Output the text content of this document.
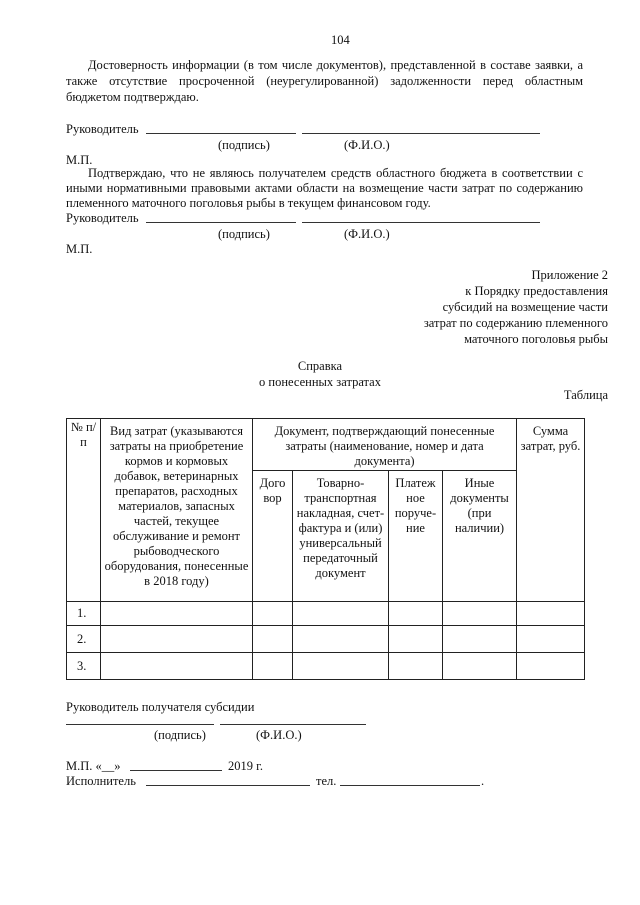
104
Достоверность информации (в том числе документов), представленной в составе заявки, а
также отсутствие просроченной (неурегулированной) задолженности перед областным
бюджетом подтверждаю.
Руководитель
(подпись)	(Ф.И.О.)
М.П.
Подтверждаю, что не являюсь получателем средств областного бюджета в соответствии с
иными нормативными правовыми актами области на возмещение части затрат по содержанию
племенного маточного поголовья рыбы в текущем финансовом году.
Руководитель
(подпись)	(Ф.И.О.)
М.П.
Приложение 2
к Порядку предоставления
субсидий на возмещение части
затрат по содержанию племенного
маточного поголовья рыбы
Справка
о понесенных затратах
Таблица
№ п/п	Вид затрат (указываются затраты на приобретение кормов и кормовых добавок, ветеринарных препаратов, расходных материалов, запасных частей, текущее обслуживание и ремонт рыбоводческого оборудования, понесенные в 2018 году)	Документ, подтверждающий понесенные затраты (наименование, номер и дата документа)				Сумма затрат, руб.
		Дого вор	Товарно-транспортная накладная, счет-фактура и (или) универсальный передаточный документ	Платеж ное поруче-ние	Иные документы (при наличии)	
1.						
2.						
3.						
Руководитель получателя субсидии
(подпись)	(Ф.И.О.)
М.П. «__»	2019 г.
Исполнитель	тел.	.
